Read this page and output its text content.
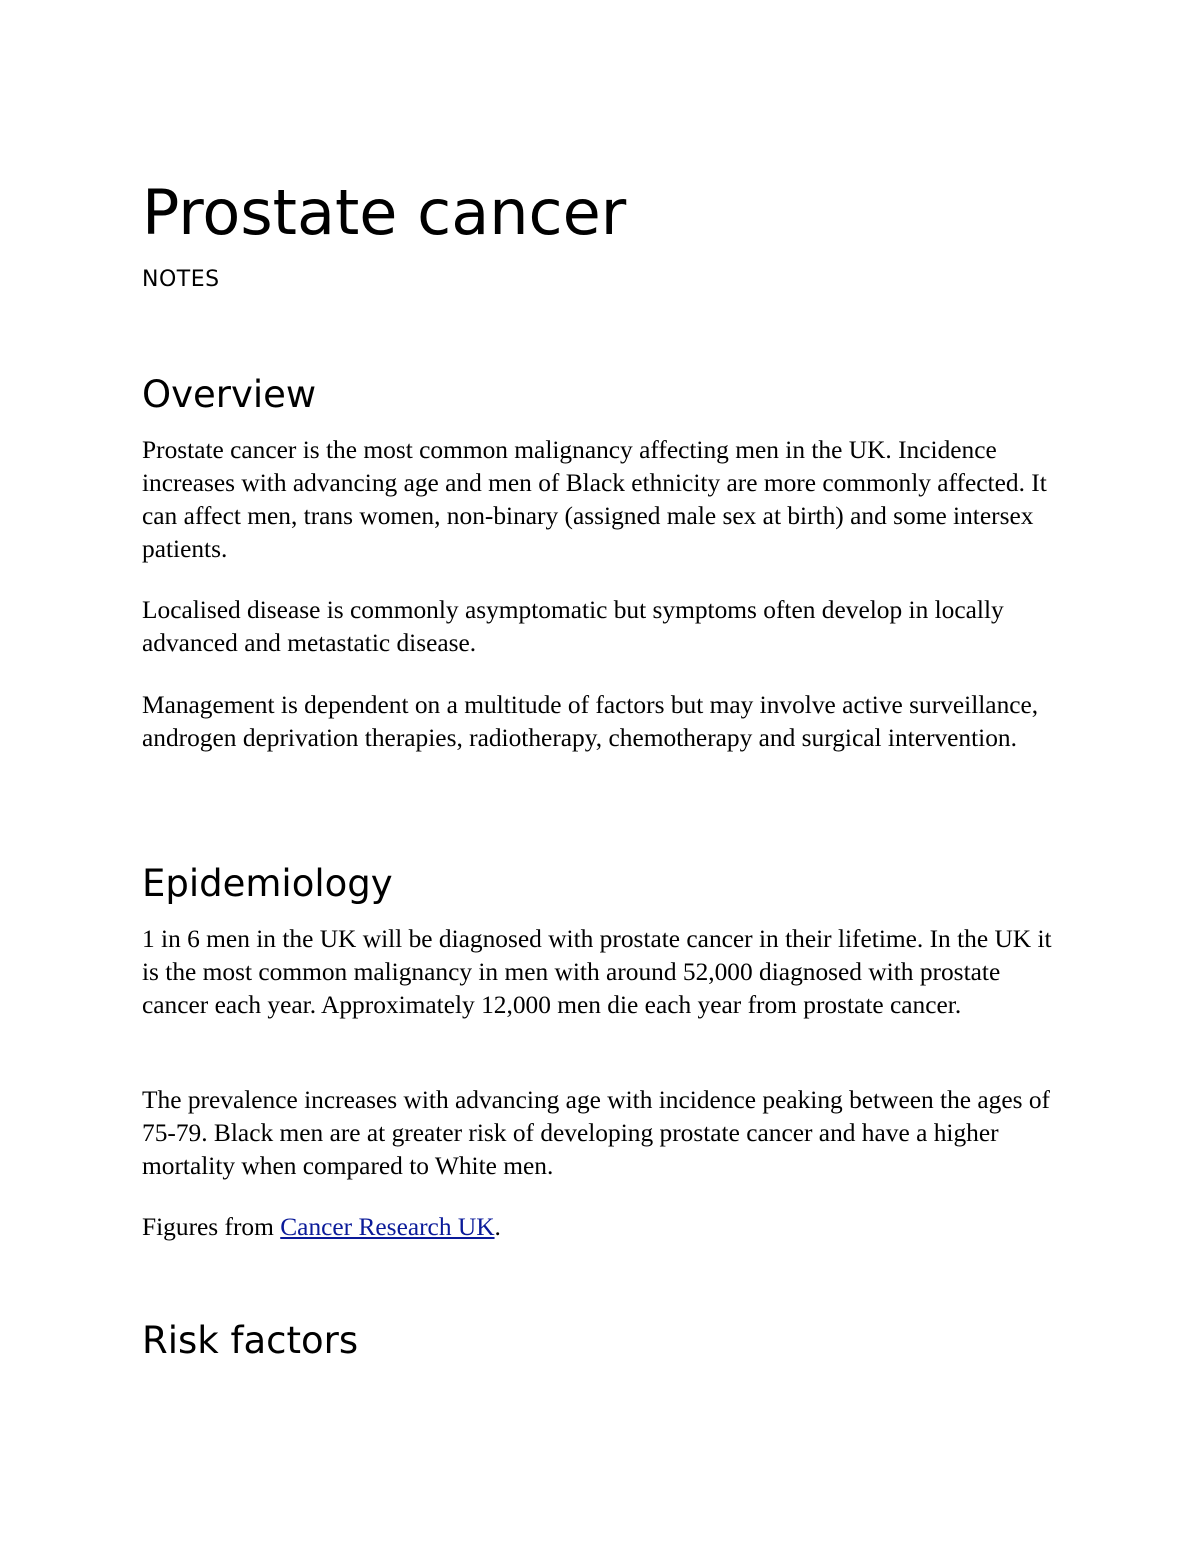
Prostate cancer
NOTES
Overview

Prostate cancer is the most common malignancy affecting men in the UK. Incidence increases with advancing age and men of Black ethnicity are more commonly affected. It can affect men, trans women, non-binary (assigned male sex at birth) and some intersex patients.

Localised disease is commonly asymptomatic but symptoms often develop in locally advanced and metastatic disease.

Management is dependent on a multitude of factors but may involve active surveillance, androgen deprivation therapies, radiotherapy, chemotherapy and surgical intervention.

Epidemiology

1 in 6 men in the UK will be diagnosed with prostate cancer in their lifetime. In the UK it is the most common malignancy in men with around 52,000 diagnosed with prostate cancer each year. Approximately 12,000 men die each year from prostate cancer.

The prevalence increases with advancing age with incidence peaking between the ages of 75-79. Black men are at greater risk of developing prostate cancer and have a higher mortality when compared to White men.

Figures from Cancer Research UK.

Risk factors
